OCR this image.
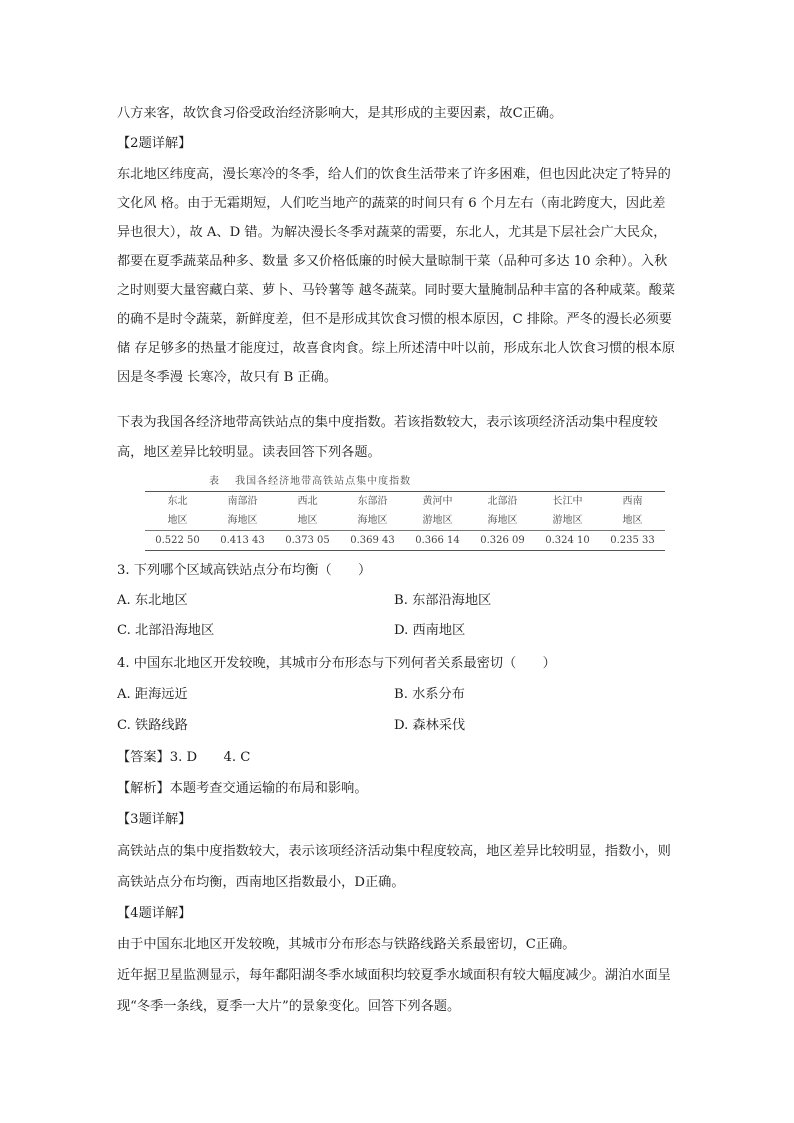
八方来客，故饮食习俗受政治经济影响大，是其形成的主要因素，故C正确。

【2题详解】

东北地区纬度高，漫长寒冷的冬季，给人们的饮食生活带来了许多困难，但也因此决定了特异的文化风 格。由于无霜期短，人们吃当地产的蔬菜的时间只有 6 个月左右（南北跨度大，因此差异也很大），故 A、D 错。为解决漫长冬季对蔬菜的需要，东北人，尤其是下层社会广大民众，都要在夏季蔬菜品种多、数量 多又价格低廉的时候大量晾制干菜（品种可多达 10 余种）。入秋之时则要大量窖藏白菜、萝卜、马铃薯等 越冬蔬菜。同时要大量腌制品种丰富的各种咸菜。酸菜的确不是时令蔬菜，新鲜度差，但不是形成其饮食习惯的根本原因，C 排除。严冬的漫长必须要储 存足够多的热量才能度过，故喜食肉食。综上所述清中叶以前，形成东北人饮食习惯的根本原因是冬季漫 长寒冷，故只有 B 正确。

下表为我国各经济地带高铁站点的集中度指数。若该指数较大，表示该项经济活动集中程度较高，地区差异比较明显。读表回答下列各题。

表　 我国各经济地带高铁站点集中度指数
东北	南部沿	西北	东部沿	黄河中	北部沿	长江中	西南
地区	海地区	地区	海地区	游地区	海地区	游地区	地区
0.522 50	0.413 43	0.373 05	0.369 43	0.366 14	0.326 09	0.324 10	0.235 33

3. 下列哪个区域高铁站点分布均衡（　　）

A. 东北地区	B. 东部沿海地区
C. 北部沿海地区	D. 西南地区

4. 中国东北地区开发较晚，其城市分布形态与下列何者关系最密切（　　）

A. 距海远近	B. 水系分布
C. 铁路线路	D. 森林采伐

【答案】3. D　　4. C

【解析】本题考查交通运输的布局和影响。

【3题详解】

高铁站点的集中度指数较大，表示该项经济活动集中程度较高，地区差异比较明显，指数小，则高铁站点分布均衡，西南地区指数最小，D正确。

【4题详解】

由于中国东北地区开发较晚，其城市分布形态与铁路线路关系最密切，C正确。

近年据卫星监测显示，每年鄱阳湖冬季水域面积均较夏季水域面积有较大幅度减少。湖泊水面呈现“冬季一条线，夏季一大片”的景象变化。回答下列各题。
